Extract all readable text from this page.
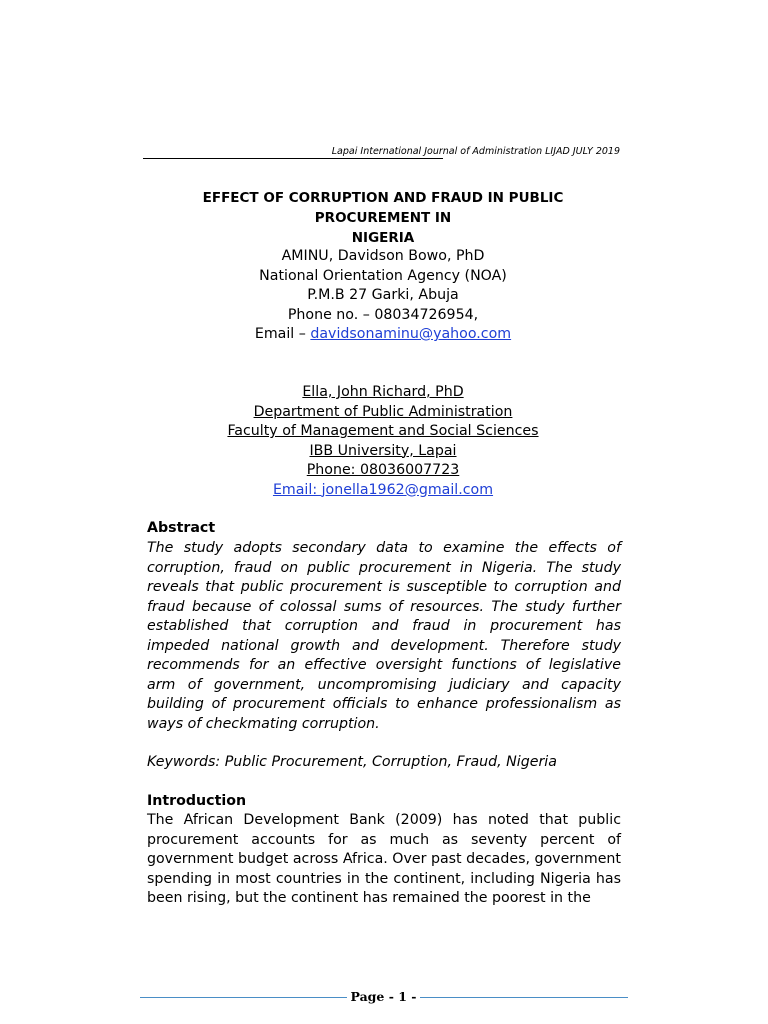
Lapai International Journal of Administration LIJAD JULY 2019
EFFECT OF CORRUPTION AND FRAUD IN PUBLIC PROCUREMENT IN
NIGERIA
AMINU, Davidson Bowo, PhD
National Orientation Agency (NOA)
P.M.B 27 Garki, Abuja
Phone no. – 08034726954,
Email – davidsonaminu@yahoo.com
Ella, John Richard, PhD
Department of Public Administration
Faculty of Management and Social Sciences
IBB University, Lapai
Phone: 08036007723
Email: jonella1962@gmail.com
Abstract
The study adopts secondary data to examine the effects of corruption, fraud on public procurement in Nigeria. The study reveals that public procurement is susceptible to corruption and fraud because of colossal sums of resources. The study further established that corruption and fraud in procurement has impeded national growth and development. Therefore study recommends for an effective oversight functions of legislative arm of government, uncompromising judiciary and capacity building of procurement officials to enhance professionalism as ways of checkmating corruption.
Keywords: Public Procurement, Corruption, Fraud, Nigeria
Introduction
The African Development Bank (2009) has noted that public procurement accounts for as much as seventy percent of government budget across Africa. Over past decades, government spending in most countries in the continent, including Nigeria has been rising, but the continent has remained the poorest in the
Page - 1 -
